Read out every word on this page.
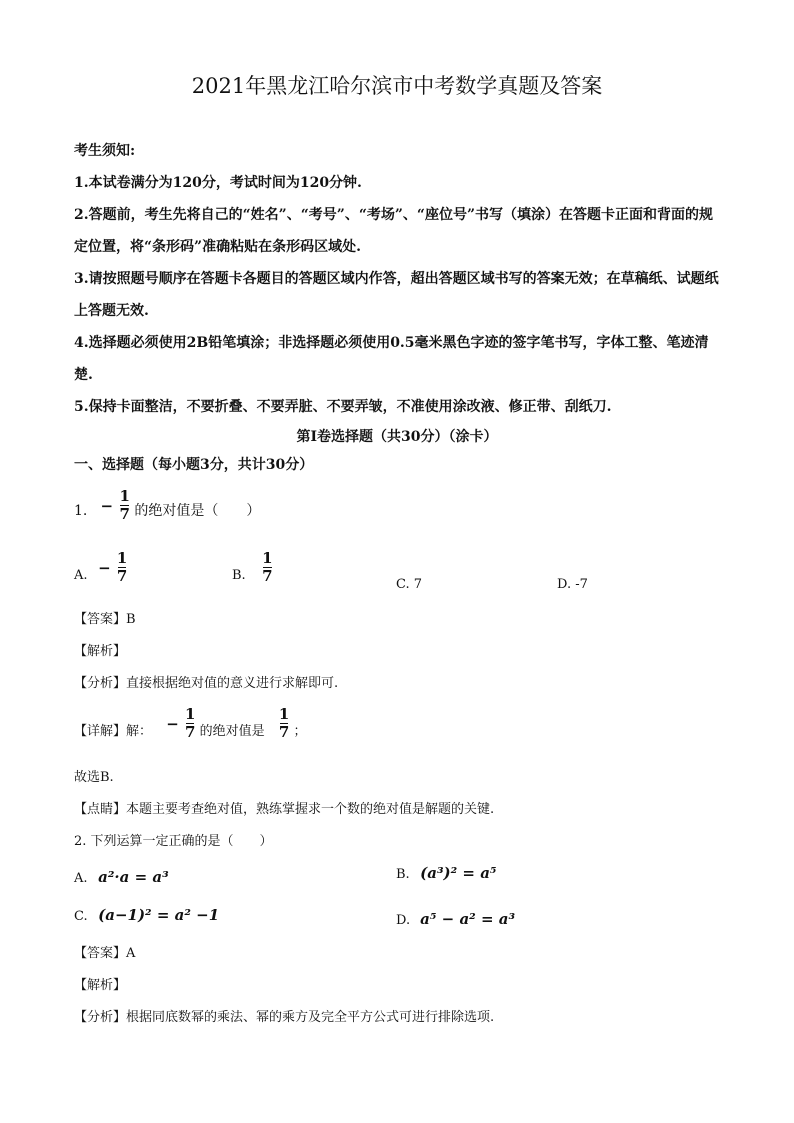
2021年黑龙江哈尔滨市中考数学真题及答案
考生须知:
1.本试卷满分为120分，考试时间为120分钟.
2.答题前，考生先将自己的“姓名”、“考号”、“考场”、“座位号”书写（填涂）在答题卡正面和背面的规
定位置，将“条形码”准确粘贴在条形码区域处.
3.请按照题号顺序在答题卡各题目的答题区域内作答，超出答题区域书写的答案无效；在草稿纸、试题纸
上答题无效.
4.选择题必须使用2B铅笔填涂；非选择题必须使用0.5毫米黑色字迹的签字笔书写，字体工整、笔迹清
楚.
5.保持卡面整洁，不要折叠、不要弄脏、不要弄皱，不准使用涂改液、修正带、刮纸刀.
第Ⅰ卷选择题（共30分）（涂卡）
一、选择题（每小题3分，共计30分）
1. − $\frac{1}{7}$ 的绝对值是（　　）
A. − $\frac{1}{7}$	B. $\frac{1}{7}$	C. 7	D. -7
【答案】B
【解析】
【分析】直接根据绝对值的意义进行求解即可.
【详解】解： − $\frac{1}{7}$ 的绝对值是 $\frac{1}{7}$ ；
故选B.
【点睛】本题主要考查绝对值，熟练掌握求一个数的绝对值是解题的关键.
2. 下列运算一定正确的是（　　）
A. a²·a = a³	B. (a³)² = a⁵
C. (a−1)² = a² −1	D. a⁵ − a² = a³
【答案】A
【解析】
【分析】根据同底数幂的乘法、幂的乘方及完全平方公式可进行排除选项.
